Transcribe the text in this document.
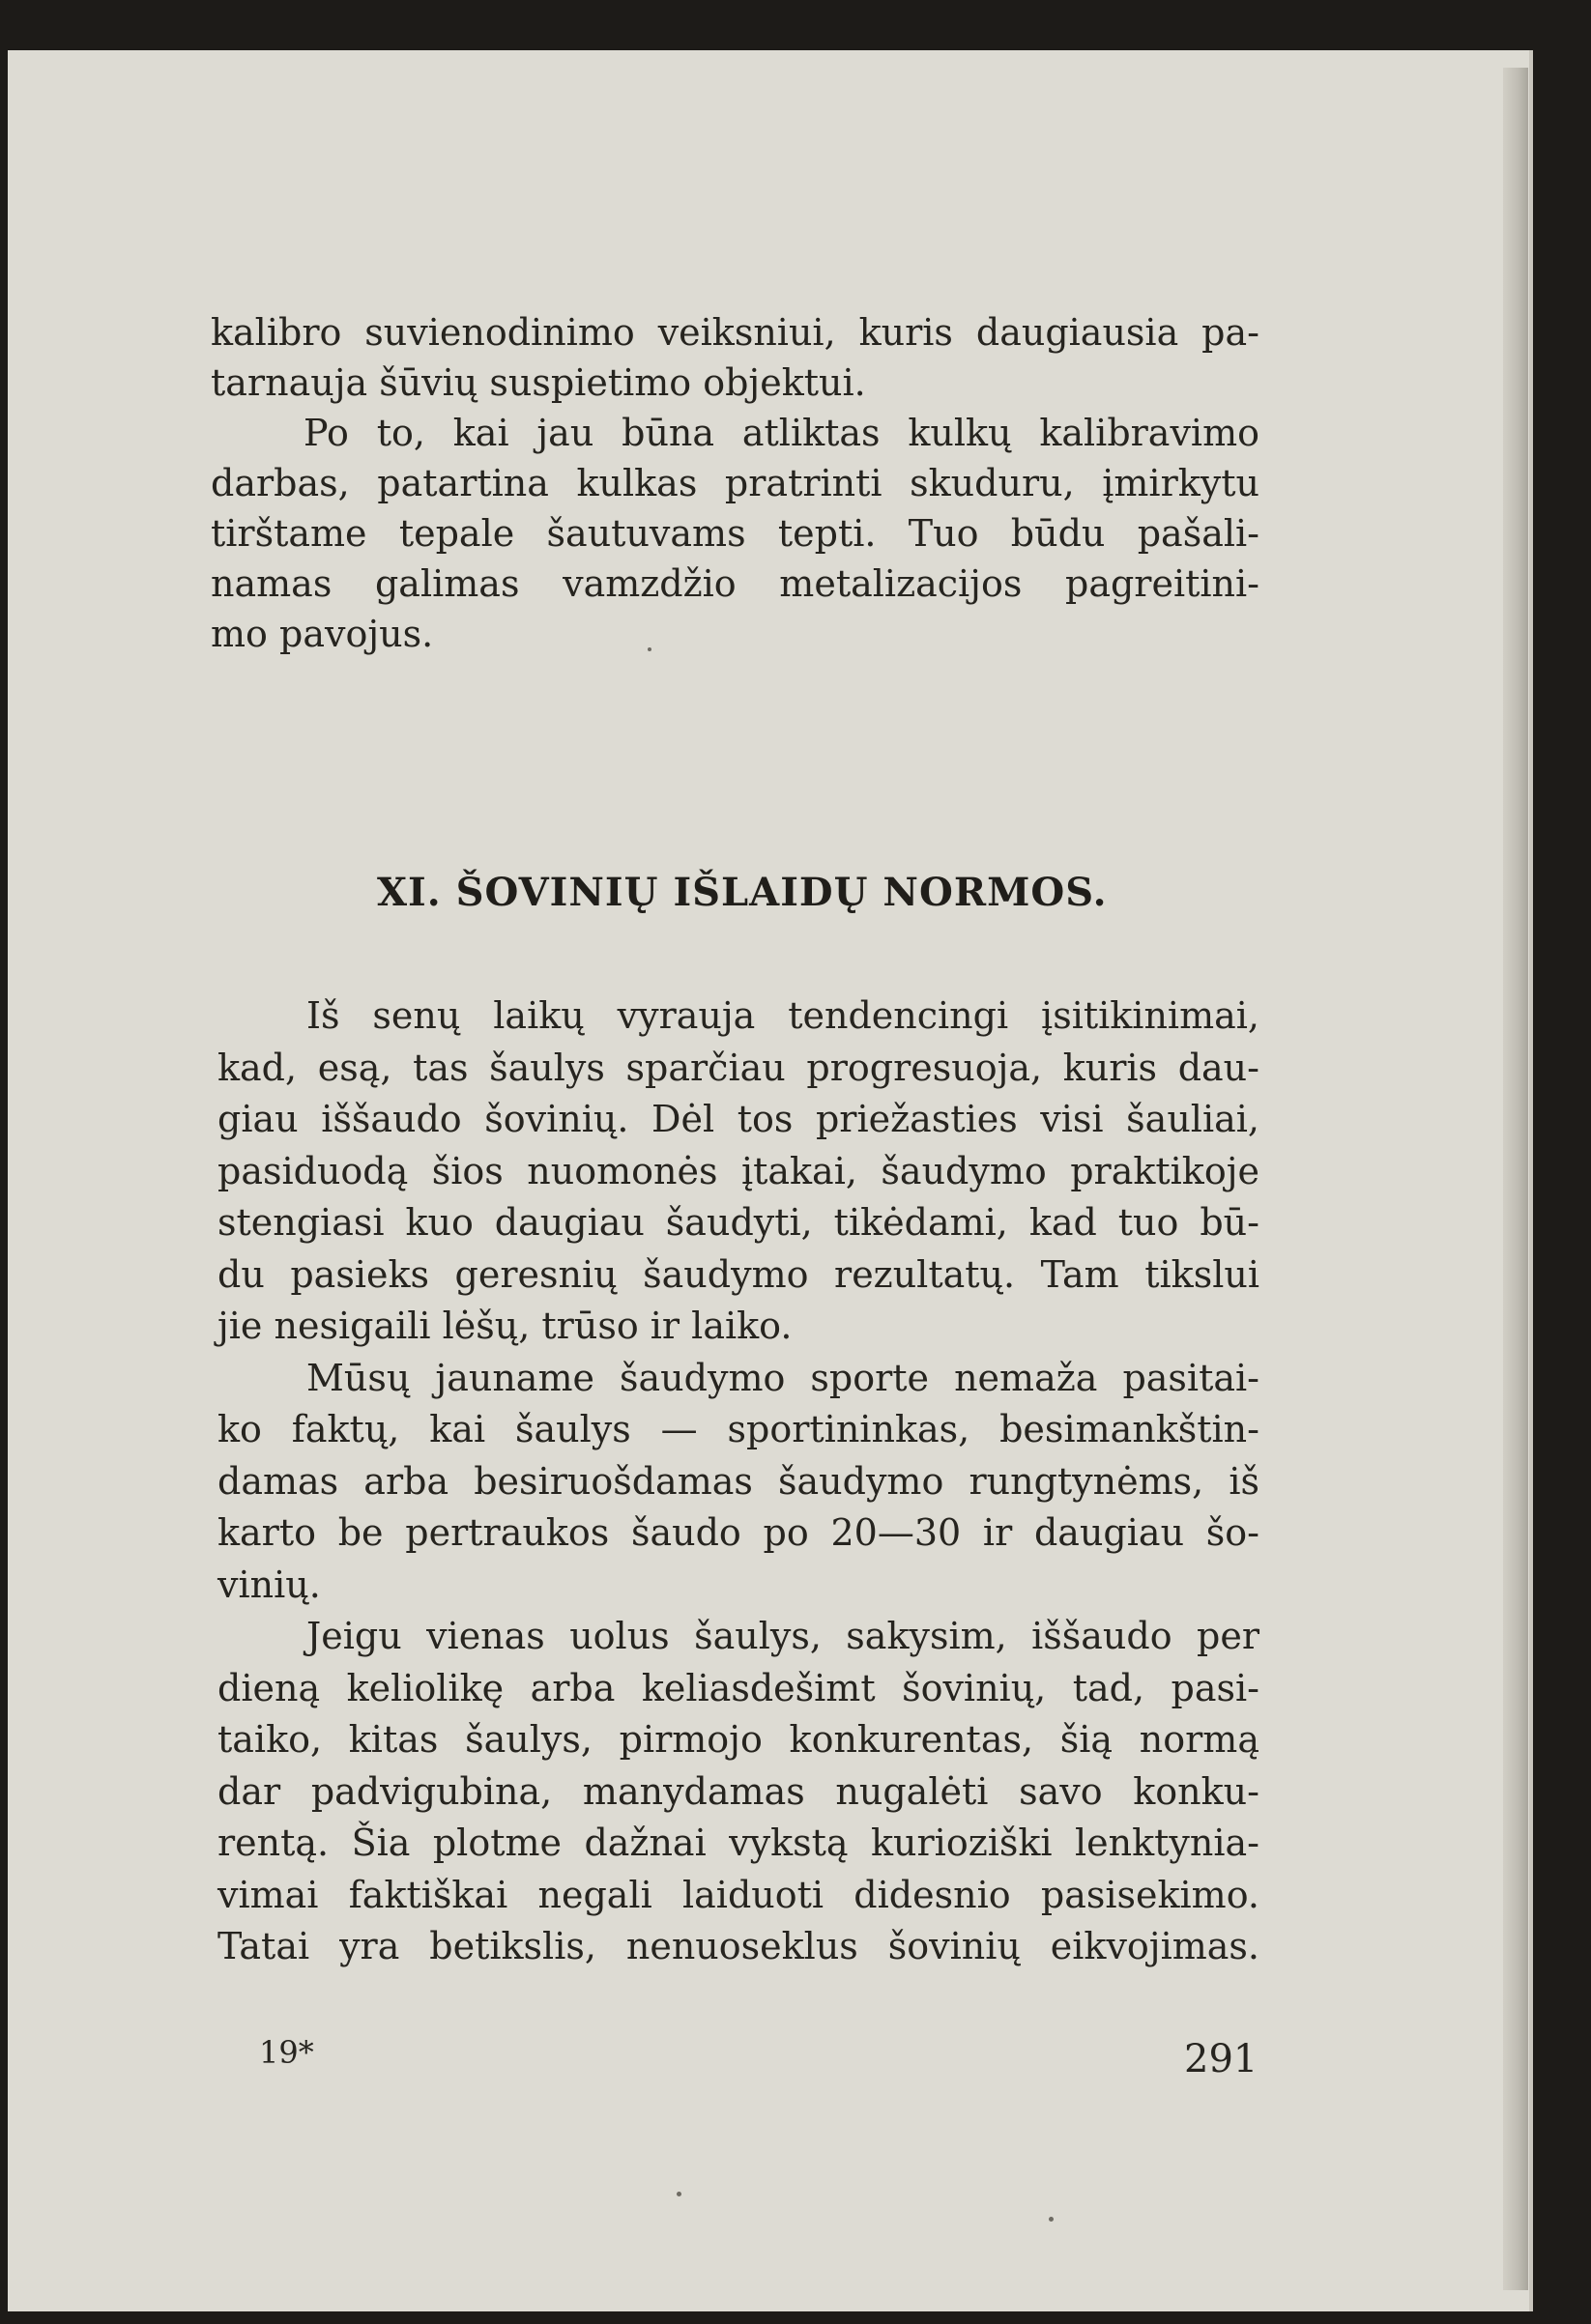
kalibro suvienodinimo veiksniui, kuris daugiausia pa-
tarnauja šūvių suspietimo objektui.

Po to, kai jau būna atliktas kulkų kalibravimo
darbas, patartina kulkas pratrinti skuduru, įmirkytu
tirštame tepale šautuvams tepti. Tuo būdu pašali-
namas galimas vamzdžio metalizacijos pagreitini-
mo pavojus.

XI. ŠOVINIŲ IŠLAIDŲ NORMOS.

Iš senų laikų vyrauja tendencingi įsitikinimai,
kad, esą, tas šaulys sparčiau progresuoja, kuris dau-
giau iššaudo šovinių. Dėl tos priežasties visi šauliai,
pasiduodą šios nuomonės įtakai, šaudymo praktikoje
stengiasi kuo daugiau šaudyti, tikėdami, kad tuo bū-
du pasieks geresnių šaudymo rezultatų. Tam tikslui
jie nesigaili lėšų, trūso ir laiko.

Mūsų jauname šaudymo sporte nemaža pasitai-
ko faktų, kai šaulys — sportininkas, besimankštin-
damas arba besiruošdamas šaudymo rungtynėms, iš
karto be pertraukos šaudo po 20—30 ir daugiau šo-
vinių.

Jeigu vienas uolus šaulys, sakysim, iššaudo per
dieną keliolikę arba keliasdešimt šovinių, tad, pasi-
taiko, kitas šaulys, pirmojo konkurentas, šią normą
dar padvigubina, manydamas nugalėti savo konku-
rentą. Šia plotme dažnai vykstą kurioziški lenktynia-
vimai faktiškai negali laiduoti didesnio pasisekimo.
Tatai yra betikslis, nenuoseklus šovinių eikvojimas.

19*	291
